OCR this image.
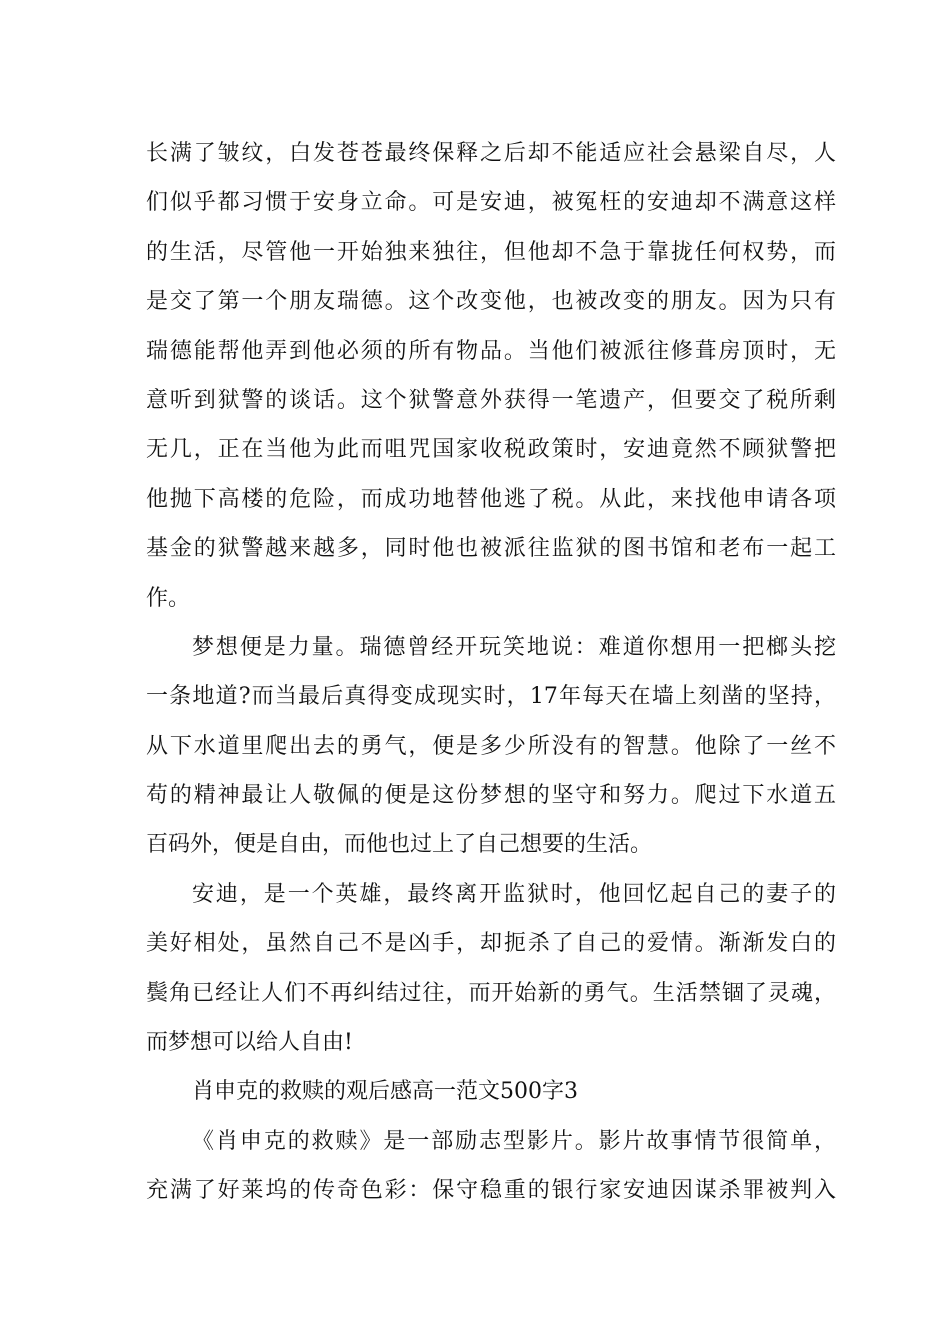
长满了皱纹，白发苍苍最终保释之后却不能适应社会悬梁自尽，人
们似乎都习惯于安身立命。可是安迪，被冤枉的安迪却不满意这样
的生活，尽管他一开始独来独往，但他却不急于靠拢任何权势，而
是交了第一个朋友瑞德。这个改变他，也被改变的朋友。因为只有
瑞德能帮他弄到他必须的所有物品。当他们被派往修葺房顶时，无
意听到狱警的谈话。这个狱警意外获得一笔遗产，但要交了税所剩
无几，正在当他为此而咀咒国家收税政策时，安迪竟然不顾狱警把
他抛下高楼的危险，而成功地替他逃了税。从此，来找他申请各项
基金的狱警越来越多，同时他也被派往监狱的图书馆和老布一起工
作。
梦想便是力量。瑞德曾经开玩笑地说：难道你想用一把榔头挖
一条地道?而当最后真得变成现实时，17年每天在墙上刻凿的坚持，
从下水道里爬出去的勇气，便是多少所没有的智慧。他除了一丝不
苟的精神最让人敬佩的便是这份梦想的坚守和努力。爬过下水道五
百码外，便是自由，而他也过上了自己想要的生活。
安迪，是一个英雄，最终离开监狱时，他回忆起自己的妻子的
美好相处，虽然自己不是凶手，却扼杀了自己的爱情。渐渐发白的
鬓角已经让人们不再纠结过往，而开始新的勇气。生活禁锢了灵魂，
而梦想可以给人自由!
肖申克的救赎的观后感高一范文500字3
《肖申克的救赎》是一部励志型影片。影片故事情节很简单，
充满了好莱坞的传奇色彩：保守稳重的银行家安迪因谋杀罪被判入
